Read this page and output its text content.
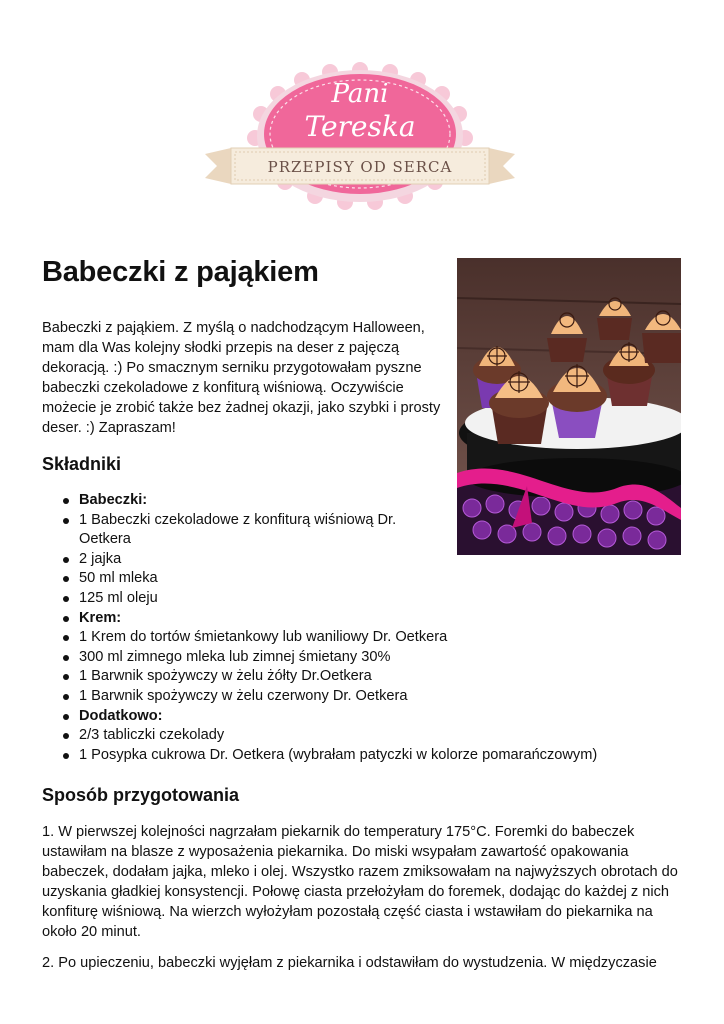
PRZEPISY OD SERCA
Pani
Tereska
Babeczki z pająkiem

Babeczki z pająkiem. Z myślą o nadchodzącym Halloween, mam dla Was kolejny słodki przepis na deser z pajęczą dekoracją. :) Po smacznym serniku przygotowałam pyszne babeczki czekoladowe z konfiturą wiśniową. Oczywiście możecie je zrobić także bez żadnej okazji, jako szybki i prosty deser. :) Zapraszam!

Składniki
Babeczki:
1 Babeczki czekoladowe z konfiturą wiśniową Dr. Oetkera
2 jajka
50 ml mleka
125 ml oleju
Krem:
1 Krem do tortów śmietankowy lub waniliowy Dr. Oetkera
300 ml zimnego mleka lub zimnej śmietany 30%
1 Barwnik spożywczy w żelu żółty Dr.Oetkera
1 Barwnik spożywczy w żelu czerwony Dr. Oetkera
Dodatkowo:
2/3 tabliczki czekolady
1 Posypka cukrowa Dr. Oetkera (wybrałam patyczki w kolorze pomarańczowym)
Sposób przygotowania

1. W pierwszej kolejności nagrzałam piekarnik do temperatury 175°C. Foremki do babeczek ustawiłam na blasze z wyposażenia piekarnika. Do miski wsypałam zawartość opakowania babeczek, dodałam jajka, mleko i olej. Wszystko razem zmiksowałam na najwyższych obrotach do uzyskania gładkiej konsystencji. Połowę ciasta przełożyłam do foremek, dodając do każdej z nich konfiturę wiśniową. Na wierzch wyłożyłam pozostałą część ciasta i wstawiłam do piekarnika na około 20 minut.

2. Po upieczeniu, babeczki wyjęłam z piekarnika i odstawiłam do wystudzenia. W międzyczasie
